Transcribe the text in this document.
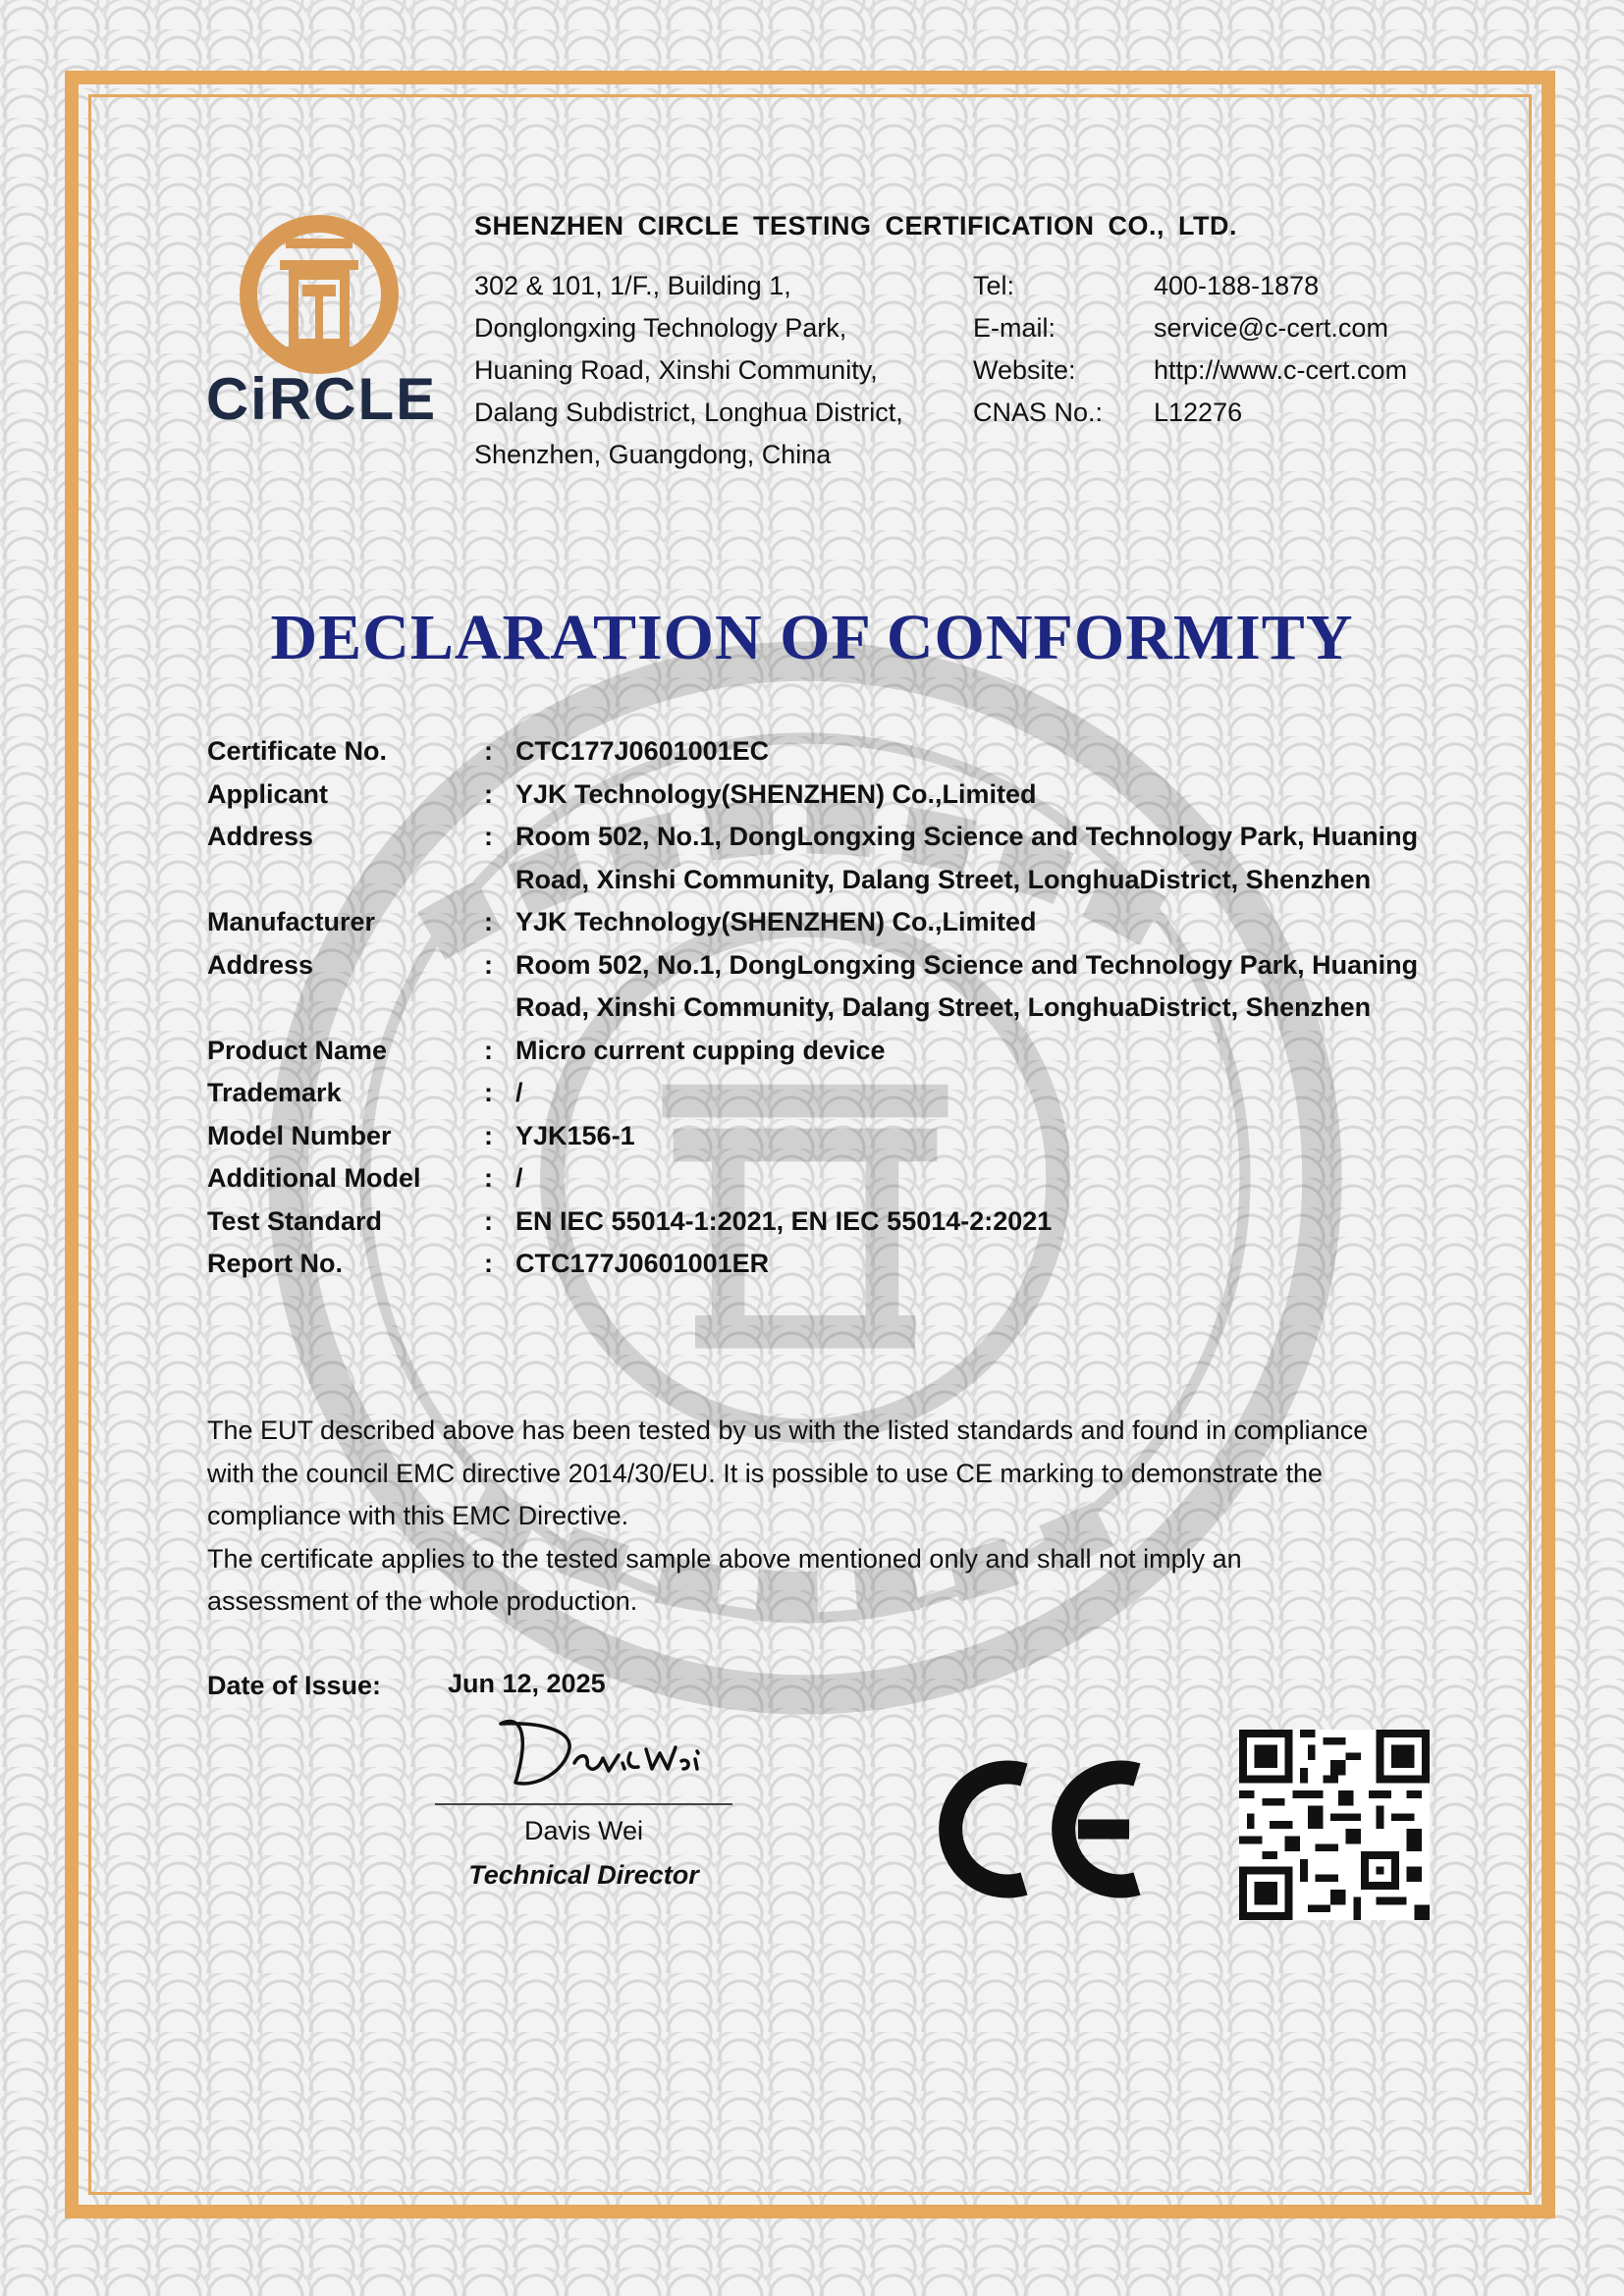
CiRCLE
SHENZHEN CIRCLE TESTING CERTIFICATION CO., LTD.
302 & 101, 1/F., Building 1,
Donglongxing Technology Park,
Huaning Road, Xinshi Community,
Dalang Subdistrict, Longhua District,
Shenzhen, Guangdong, China
Tel:	400-188-1878
E-mail:	service@c-cert.com
Website:	http://www.c-cert.com
CNAS No.:	L12276
DECLARATION OF CONFORMITY
Certificate No.	: CTC177J0601001EC
Applicant	: YJK Technology(SHENZHEN) Co.,Limited
Address	: Room 502, No.1, DongLongxing Science and Technology Park, Huaning Road, Xinshi Community, Dalang Street, LonghuaDistrict, Shenzhen
Manufacturer	: YJK Technology(SHENZHEN) Co.,Limited
Address	: Room 502, No.1, DongLongxing Science and Technology Park, Huaning Road, Xinshi Community, Dalang Street, LonghuaDistrict, Shenzhen
Product Name	: Micro current cupping device
Trademark	: /
Model Number	: YJK156-1
Additional Model	: /
Test Standard	: EN IEC 55014-1:2021, EN IEC 55014-2:2021
Report No.	: CTC177J0601001ER
The EUT described above has been tested by us with the listed standards and found in compliance
with the council EMC directive 2014/30/EU. It is possible to use CE marking to demonstrate the
compliance with this EMC Directive.
The certificate applies to the tested sample above mentioned only and shall not imply an
assessment of the whole production.
Date of Issue:	Jun 12, 2025
Davis Wei
Technical Director
